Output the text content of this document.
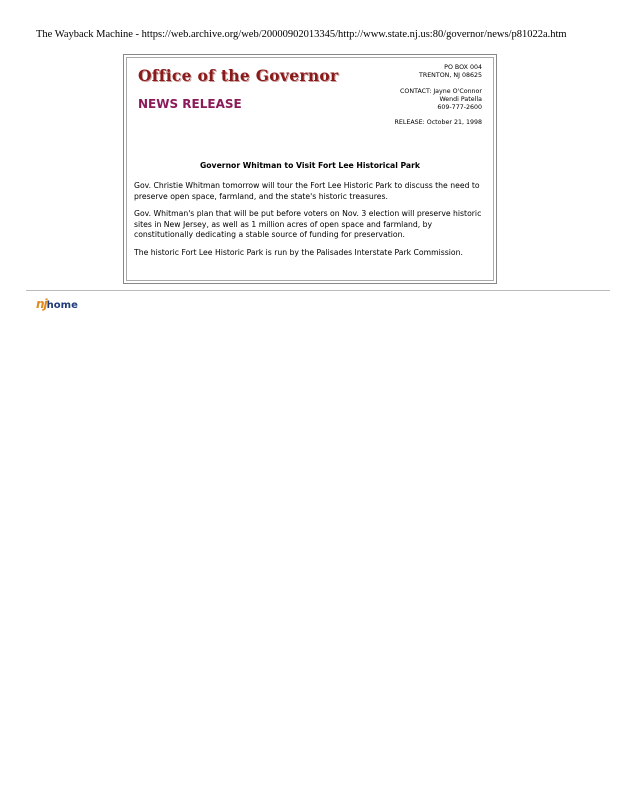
The Wayback Machine - https://web.archive.org/web/20000902013345/http://www.state.nj.us:80/governor/news/p81022a.htm
Office of the Governor
NEWS RELEASE
PO BOX 004
TRENTON, NJ 08625
CONTACT: Jayne O'Connor
Wendi Patella
609-777-2600
RELEASE: October 21, 1998
Governor Whitman to Visit Fort Lee Historical Park

Gov. Christie Whitman tomorrow will tour the Fort Lee Historic Park to discuss the need to preserve open space, farmland, and the state's historic treasures.

Gov. Whitman's plan that will be put before voters on Nov. 3 election will preserve historic sites in New Jersey, as well as 1 million acres of open space and farmland, by constitutionally dedicating a stable source of funding for preservation.

The historic Fort Lee Historic Park is run by the Palisades Interstate Park Commission.

nj home
